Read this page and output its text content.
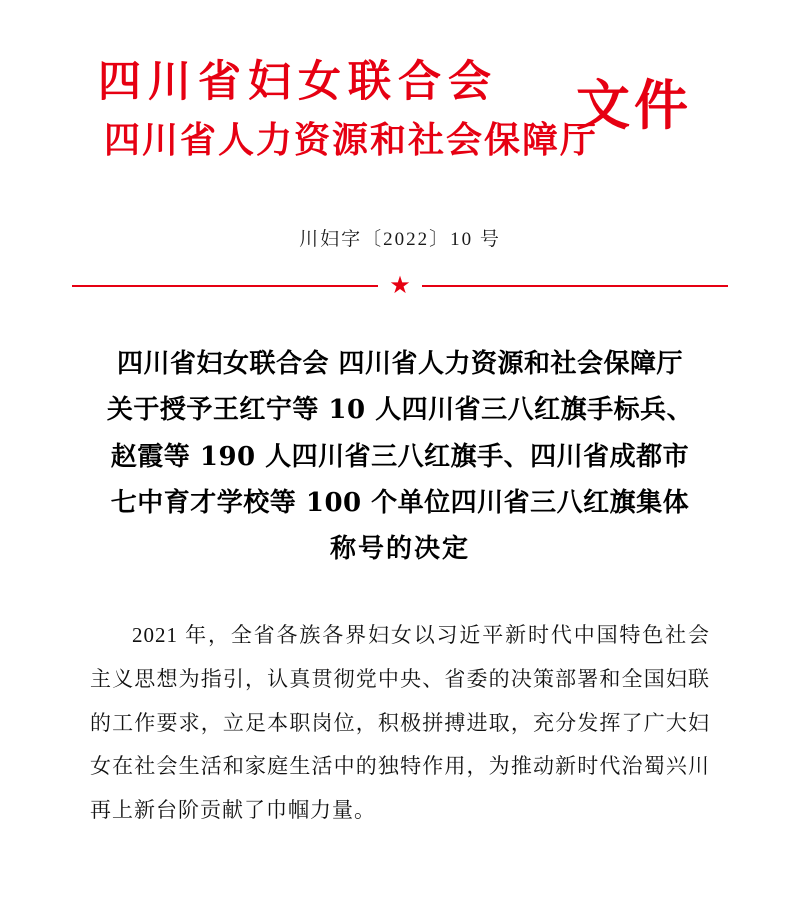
四川省妇女联合会
四川省人力资源和社会保障厅
文件
川妇字〔2022〕10 号
★
四川省妇女联合会 四川省人力资源和社会保障厅
关于授予王红宁等 10 人四川省三八红旗手标兵、
赵霞等 190 人四川省三八红旗手、四川省成都市
七中育才学校等 100 个单位四川省三八红旗集体
称号的决定

2021 年，全省各族各界妇女以习近平新时代中国特色社会主义思想为指引，认真贯彻党中央、省委的决策部署和全国妇联的工作要求，立足本职岗位，积极拼搏进取，充分发挥了广大妇女在社会生活和家庭生活中的独特作用，为推动新时代治蜀兴川再上新台阶贡献了巾帼力量。
